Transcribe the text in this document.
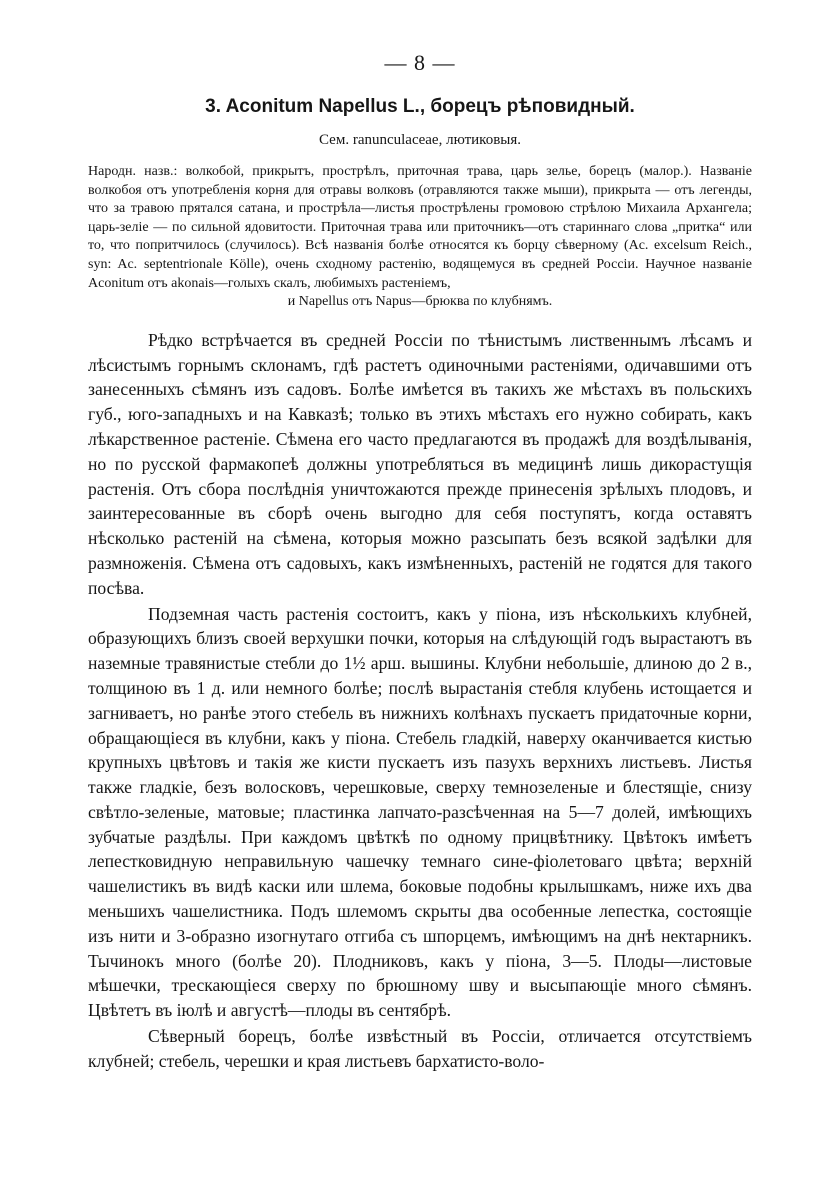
— 8 —
3. Aconitum Napellus L., борецъ рѣповидный.
Сем. ranunculaceae, лютиковыя.
Народн. назв.: волкобой, прикрытъ, прострѣлъ, приточная трава, царь зелье, борецъ (малор.). Названіе волкобоя отъ употребленія корня для отравы волковъ (отравляются также мыши), прикрыта — отъ легенды, что за травою прятался сатана, и прострѣла—листья прострѣлены громовою стрѣлою Михаила Архангела; царь-зеліе — по сильной ядовитости. Приточная трава или приточникъ—отъ стариннаго слова „притка“ или то, что попритчилось (случилось). Всѣ названія болѣе относятся къ борцу сѣверному (Ac. excelsum Reich., syn: Ac. septentrionale Kölle), очень сходному растенію, водящемуся въ средней Россіи. Научное названіе Aconitum отъ akonais—голыхъ скалъ, любимыхъ растеніемъ,
и Napellus отъ Napus—брюква по клубнямъ.

Рѣдко встрѣчается въ средней Россіи по тѣнистымъ лиственнымъ лѣсамъ и лѣсистымъ горнымъ склонамъ, гдѣ растетъ одиночными растеніями, одичавшими отъ занесенныхъ сѣмянъ изъ садовъ. Болѣе имѣется въ такихъ же мѣстахъ въ польскихъ губ., юго-западныхъ и на Кавказѣ; только въ этихъ мѣстахъ его нужно собирать, какъ лѣкарственное растеніе. Сѣмена его часто предлагаются въ продажѣ для воздѣлыванія, но по русской фармакопеѣ должны употребляться въ медицинѣ лишь дикорастущія растенія. Отъ сбора послѣднія уничтожаются прежде принесенія зрѣлыхъ плодовъ, и заинтересованные въ сборѣ очень выгодно для себя поступятъ, когда оставятъ нѣсколько растеній на сѣмена, которыя можно разсыпать безъ всякой задѣлки для размноженія. Сѣмена отъ садовыхъ, какъ измѣненныхъ, растеній не годятся для такого посѣва.

Подземная часть растенія состоитъ, какъ у піона, изъ нѣсколькихъ клубней, образующихъ близъ своей верхушки почки, которыя на слѣдующій годъ вырастаютъ въ наземные травянистые стебли до 1½ арш. вышины. Клубни небольшіе, длиною до 2 в., толщиною въ 1 д. или немного болѣе; послѣ вырастанія стебля клубень истощается и загниваетъ, но ранѣе этого стебель въ нижнихъ колѣнахъ пускаетъ придаточные корни, обращающіеся въ клубни, какъ у піона. Стебель гладкій, наверху оканчивается кистью крупныхъ цвѣтовъ и такія же кисти пускаетъ изъ пазухъ верхнихъ листьевъ. Листья также гладкіе, безъ волосковъ, черешковые, сверху темнозеленые и блестящіе, снизу свѣтло-зеленые, матовые; пластинка лапчато-разсѣченная на 5—7 долей, имѣющихъ зубчатые раздѣлы. При каждомъ цвѣткѣ по одному прицвѣтнику. Цвѣтокъ имѣетъ лепестковидную неправильную чашечку темнаго сине-фіолетоваго цвѣта; верхній чашелистикъ въ видѣ каски или шлема, боковые подобны крылышкамъ, ниже ихъ два меньшихъ чашелистника. Подъ шлемомъ скрыты два особенные лепестка, состоящіе изъ нити и 3-образно изогнутаго отгиба съ шпорцемъ, имѣющимъ на днѣ нектарникъ. Тычинокъ много (болѣе 20). Плодниковъ, какъ у піона, 3—5. Плоды—листовые мѣшечки, трескающіеся сверху по брюшному шву и высыпающіе много сѣмянъ. Цвѣтетъ въ іюлѣ и августѣ—плоды въ сентябрѣ.

Сѣверный борецъ, болѣе извѣстный въ Россіи, отличается отсутствіемъ клубней; стебель, черешки и края листьевъ бархатисто-воло-
